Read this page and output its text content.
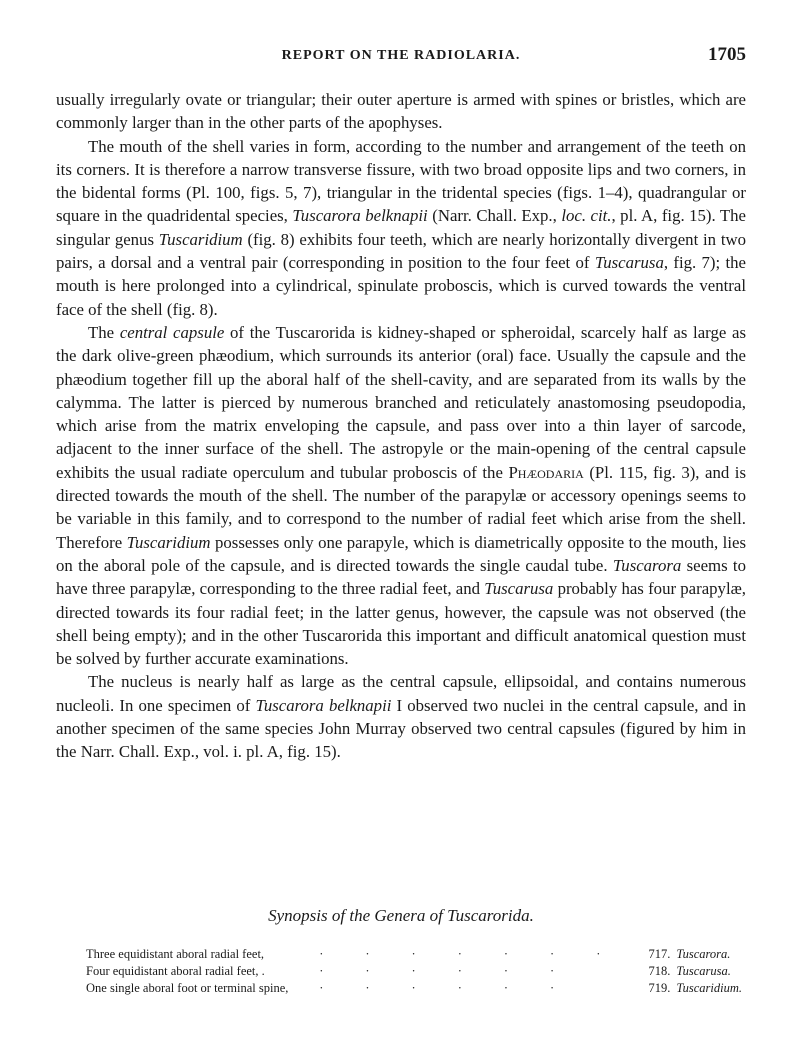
REPORT ON THE RADIOLARIA.	1705

usually irregularly ovate or triangular; their outer aperture is armed with spines or bristles, which are commonly larger than in the other parts of the apophyses.

The mouth of the shell varies in form, according to the number and arrangement of the teeth on its corners. It is therefore a narrow transverse fissure, with two broad opposite lips and two corners, in the bidental forms (Pl. 100, figs. 5, 7), triangular in the tridental species (figs. 1–4), quadrangular or square in the quadridental species, Tuscarora belknapii (Narr. Chall. Exp., loc. cit., pl. A, fig. 15). The singular genus Tuscaridium (fig. 8) exhibits four teeth, which are nearly horizontally divergent in two pairs, a dorsal and a ventral pair (corresponding in position to the four feet of Tuscarusa, fig. 7); the mouth is here prolonged into a cylindrical, spinulate proboscis, which is curved towards the ventral face of the shell (fig. 8).

The central capsule of the Tuscarorida is kidney-shaped or spheroidal, scarcely half as large as the dark olive-green phæodium, which surrounds its anterior (oral) face. Usually the capsule and the phæodium together fill up the aboral half of the shell-cavity, and are separated from its walls by the calymma. The latter is pierced by numerous branched and reticulately anastomosing pseudopodia, which arise from the matrix enveloping the capsule, and pass over into a thin layer of sarcode, adjacent to the inner surface of the shell. The astropyle or the main-opening of the central capsule exhibits the usual radiate operculum and tubular proboscis of the Phæodaria (Pl. 115, fig. 3), and is directed towards the mouth of the shell. The number of the parapylæ or accessory openings seems to be variable in this family, and to correspond to the number of radial feet which arise from the shell. Therefore Tuscaridium possesses only one parapyle, which is diametrically opposite to the mouth, lies on the aboral pole of the capsule, and is directed towards the single caudal tube. Tuscarora seems to have three parapylæ, corresponding to the three radial feet, and Tuscarusa probably has four parapylæ, directed towards its four radial feet; in the latter genus, however, the capsule was not observed (the shell being empty); and in the other Tuscarorida this important and difficult anatomical question must be solved by further accurate examinations.

The nucleus is nearly half as large as the central capsule, ellipsoidal, and contains numerous nucleoli. In one specimen of Tuscarora belknapii I observed two nuclei in the central capsule, and in another specimen of the same species John Murray observed two central capsules (figured by him in the Narr. Chall. Exp., vol. i. pl. A, fig. 15).

Synopsis of the Genera of Tuscarorida.
Three equidistant aboral radial feet,	·······	717.	Tuscarora.
Four equidistant aboral radial feet, .	······	718.	Tuscarusa.
One single aboral foot or terminal spine,	······	719.	Tuscaridium.
